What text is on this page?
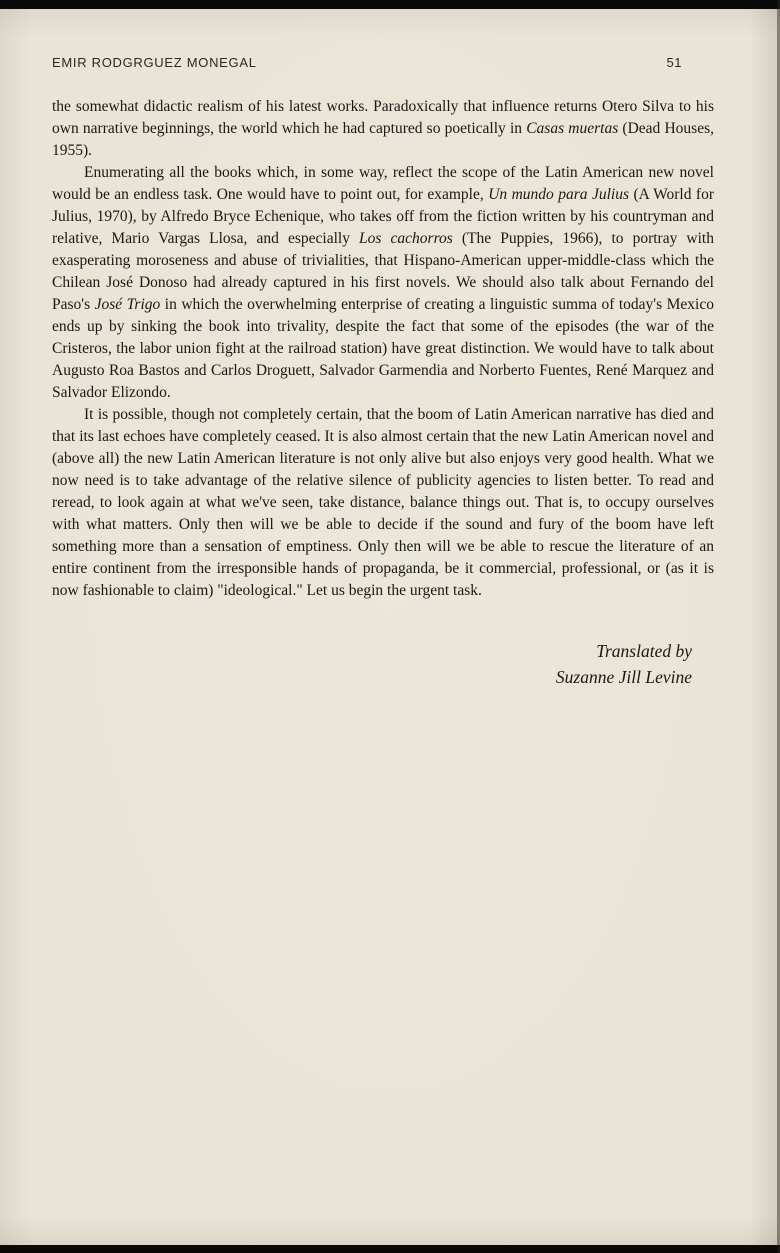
EMIR RODGRGUEZ MONEGAL	51

the somewhat didactic realism of his latest works. Paradoxically that influence returns Otero Silva to his own narrative beginnings, the world which he had captured so poetically in Casas muertas (Dead Houses, 1955).

Enumerating all the books which, in some way, reflect the scope of the Latin American new novel would be an endless task. One would have to point out, for example, Un mundo para Julius (A World for Julius, 1970), by Alfredo Bryce Echenique, who takes off from the fiction written by his countryman and relative, Mario Vargas Llosa, and especially Los cachorros (The Puppies, 1966), to portray with exasperating moroseness and abuse of trivialities, that Hispano-American upper-middle-class which the Chilean José Donoso had already captured in his first novels. We should also talk about Fernando del Paso's José Trigo in which the overwhelming enterprise of creating a linguistic summa of today's Mexico ends up by sinking the book into trivality, despite the fact that some of the episodes (the war of the Cristeros, the labor union fight at the railroad station) have great distinction. We would have to talk about Augusto Roa Bastos and Carlos Droguett, Salvador Garmendia and Norberto Fuentes, René Marquez and Salvador Elizondo.

It is possible, though not completely certain, that the boom of Latin American narrative has died and that its last echoes have completely ceased. It is also almost certain that the new Latin American novel and (above all) the new Latin American literature is not only alive but also enjoys very good health. What we now need is to take advantage of the relative silence of publicity agencies to listen better. To read and reread, to look again at what we've seen, take distance, balance things out. That is, to occupy ourselves with what matters. Only then will we be able to decide if the sound and fury of the boom have left something more than a sensation of emptiness. Only then will we be able to rescue the literature of an entire continent from the irresponsible hands of propaganda, be it commercial, professional, or (as it is now fashionable to claim) "ideological." Let us begin the urgent task.

Translated by
Suzanne Jill Levine
